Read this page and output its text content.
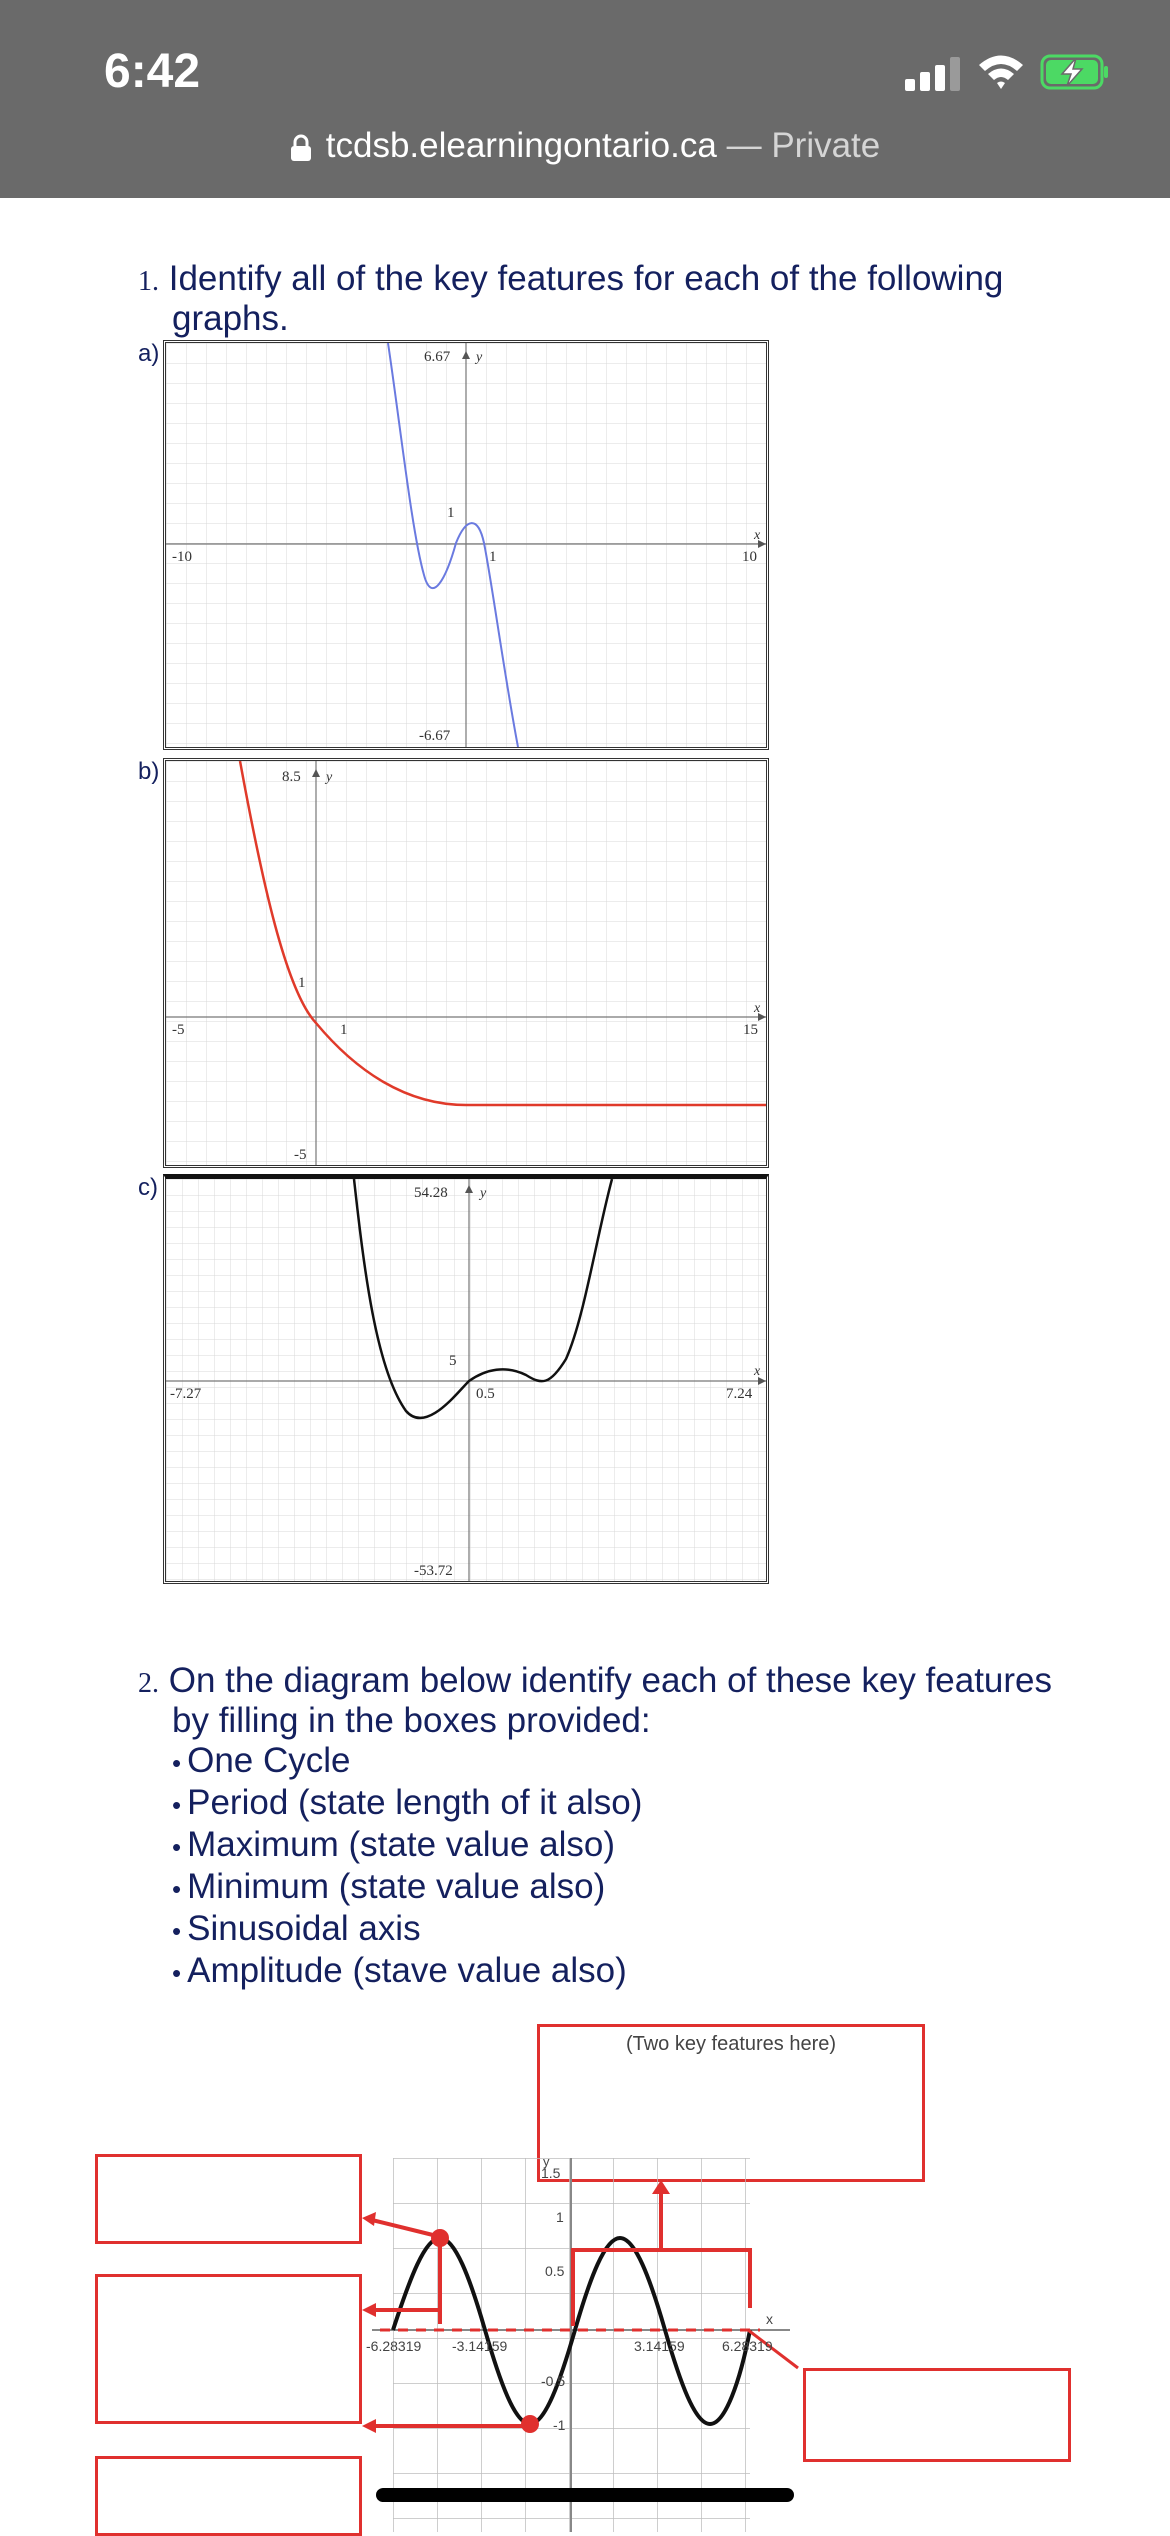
6:42
tcdsb.elearningontario.ca — Private
1. Identify all of the key features for each of the following
graphs.
a)	6.67 y
1
1
-10	10
x
-6.67
b)	8.5 y
1
1
-5	15
x
-5
c)	54.28 y
5
0.5
-7.27	7.24
x
-53.72
2. On the diagram below identify each of these key features
by filling in the boxes provided:
• One Cycle
• Period (state length of it also)
• Maximum (state value also)
• Minimum (state value also)
• Sinusoidal axis
• Amplitude (stave value also)
(Two key features here)
1.5
1
0.5
-0.5
-1
-6.28319 -3.14159	3.14159	6.28319
y
x
